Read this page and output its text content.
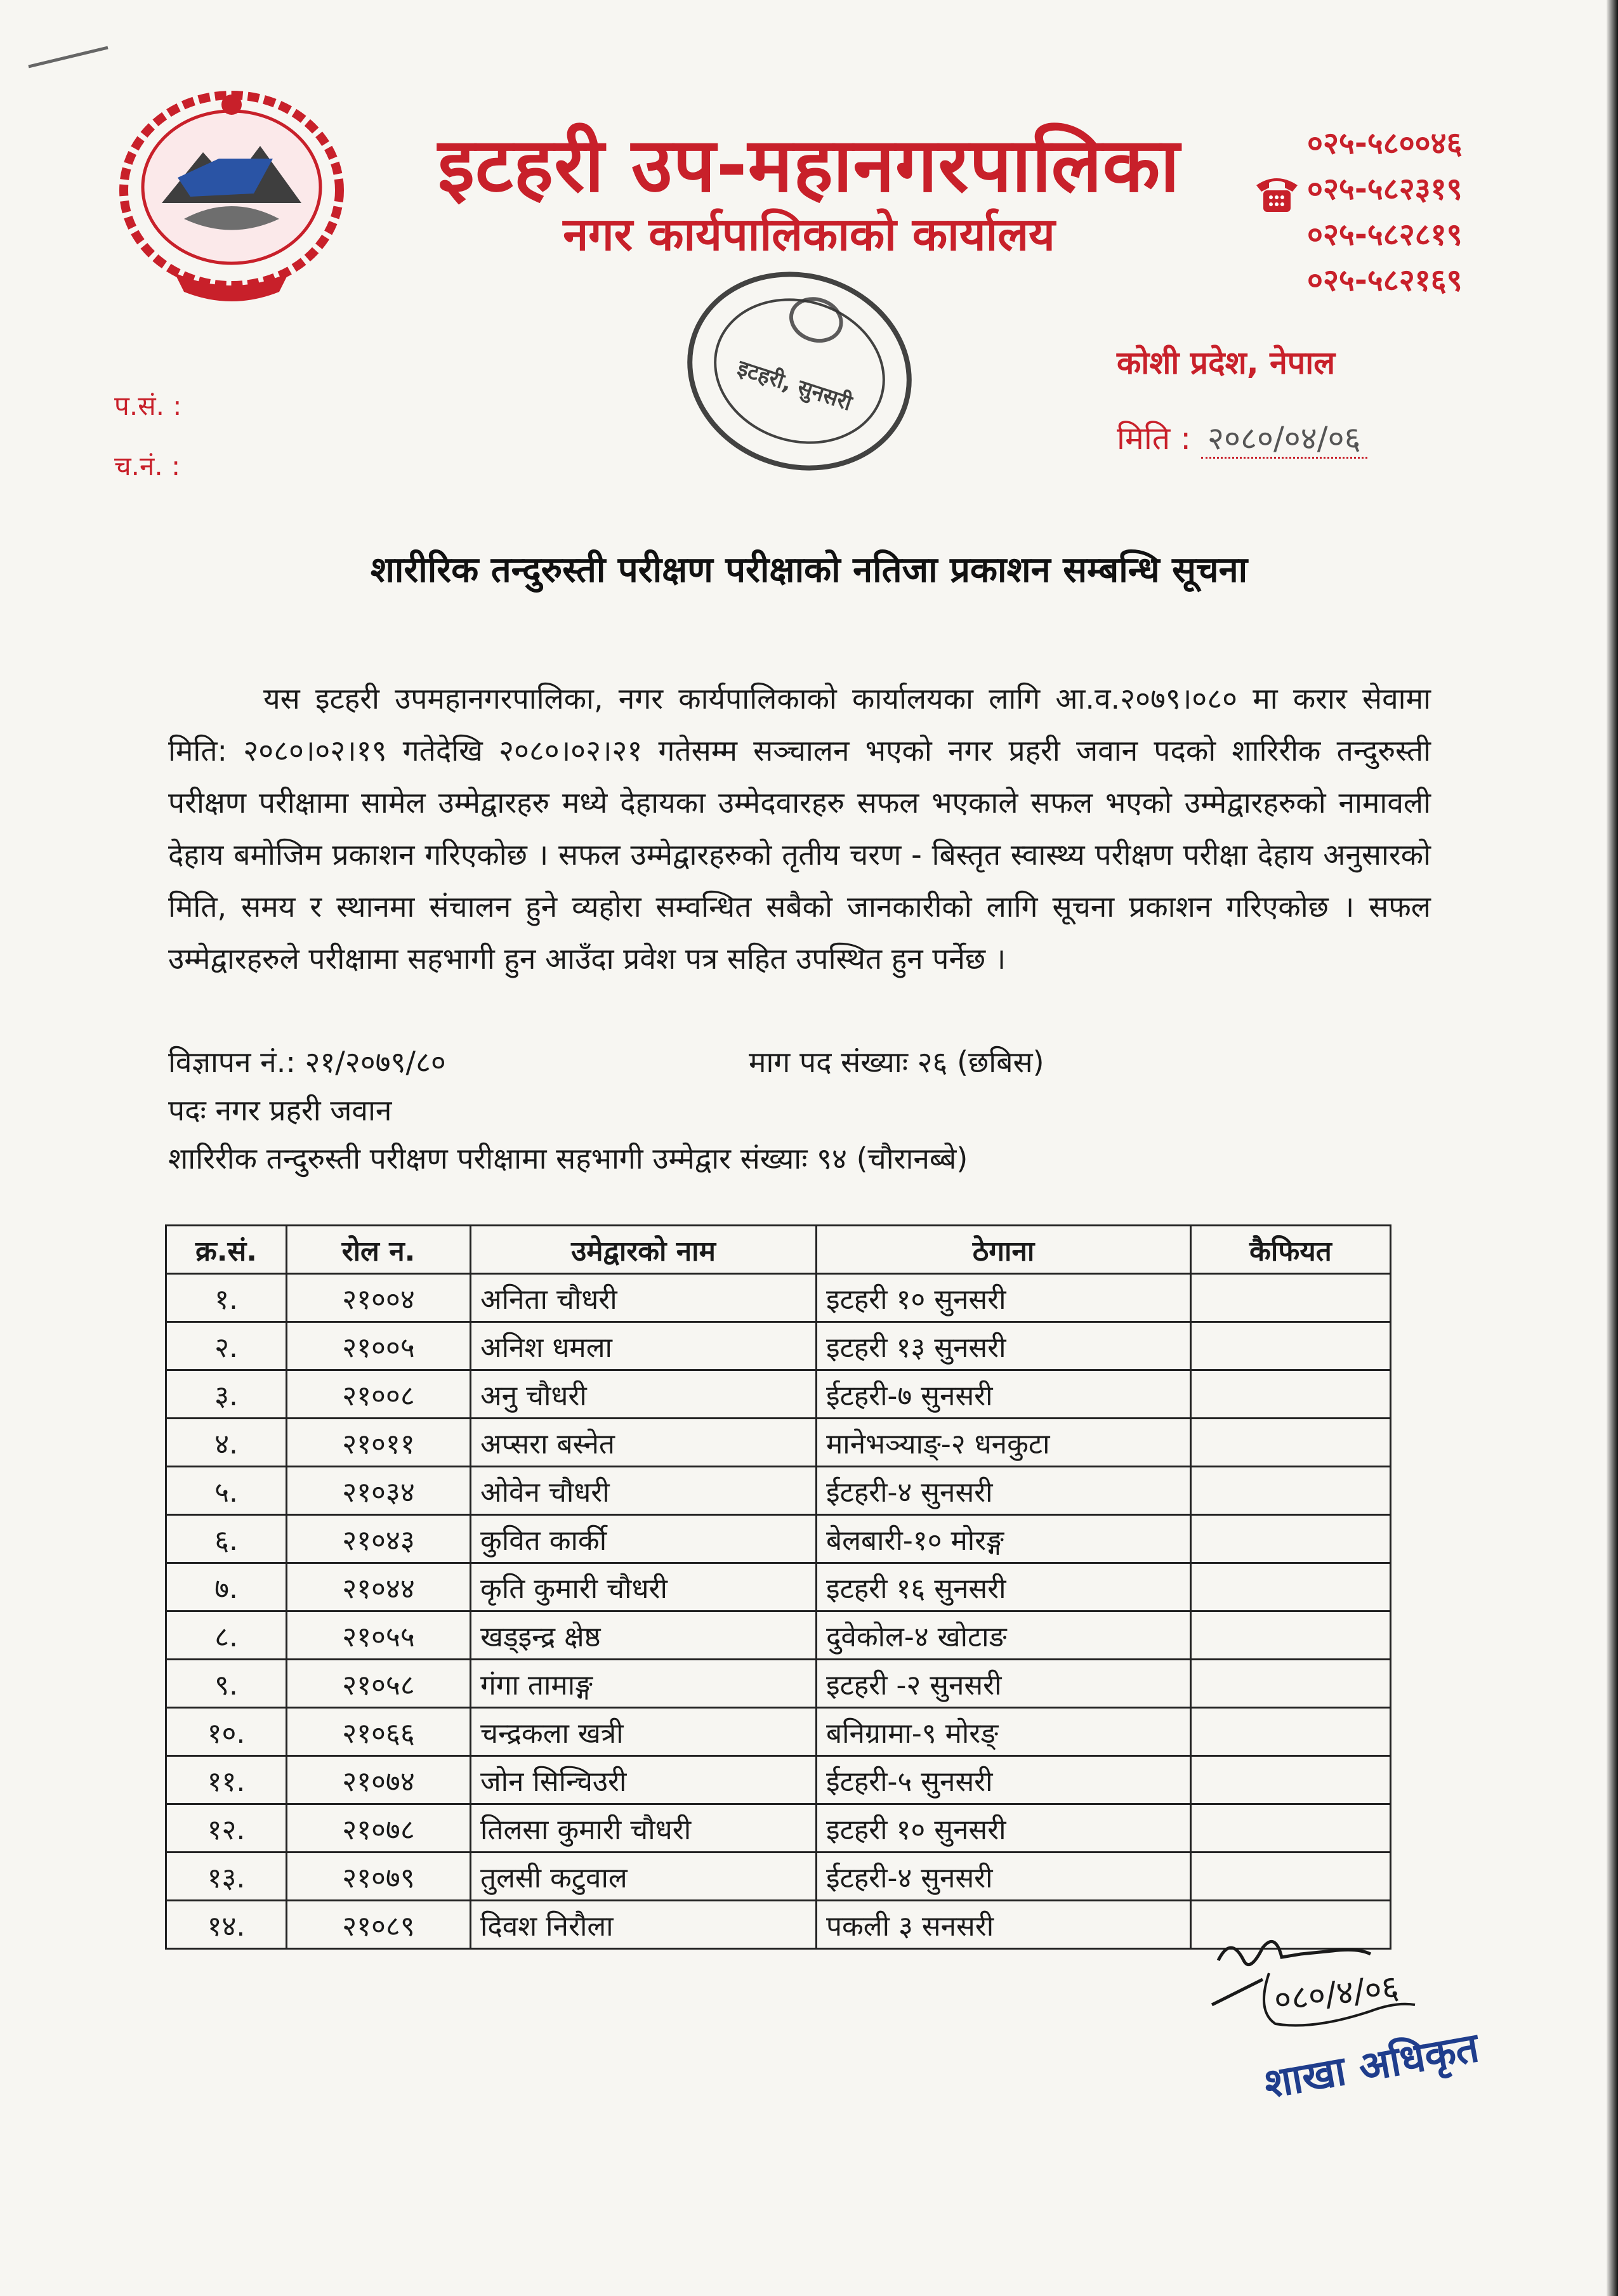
इटहरी उप-महानगरपालिका
नगर कार्यपालिकाको कार्यालय
०२५-५८००४६
०२५-५८२३१९
०२५-५८२८१९
०२५-५८२१६९
कोशी प्रदेश, नेपाल
मिति : २०८०/०४/०६
प.सं. :
च.नं. :
इटहरी, सुनसरी
शारीरिक तन्दुरुस्ती परीक्षण परीक्षाको नतिजा प्रकाशन सम्बन्धि सूचना

यस इटहरी उपमहानगरपालिका, नगर कार्यपालिकाको कार्यालयका लागि आ.व.२०७९।०८० मा करार सेवामा मिति: २०८०।०२।१९ गतेदेखि २०८०।०२।२१ गतेसम्म सञ्चालन भएको नगर प्रहरी जवान पदको शारिरीक तन्दुरुस्ती परीक्षण परीक्षामा सामेल उम्मेद्वारहरु मध्ये देहायका उम्मेदवारहरु सफल भएकाले सफल भएको उम्मेद्वारहरुको नामावली देहाय बमोजिम प्रकाशन गरिएकोछ । सफल उम्मेद्वारहरुको तृतीय चरण - बिस्तृत स्वास्थ्य परीक्षण परीक्षा देहाय अनुसारको मिति, समय र स्थानमा संचालन हुने व्यहोरा सम्वन्धित सबैको जानकारीको लागि सूचना प्रकाशन गरिएकोछ । सफल उम्मेद्वारहरुले परीक्षामा सहभागी हुन आउँदा प्रवेश पत्र सहित उपस्थित हुन पर्नेछ ।

विज्ञापन नं.: २१/२०७९/८०	माग पद संख्याः २६ (छबिस)
पदः नगर प्रहरी जवान
शारिरीक तन्दुरुस्ती परीक्षण परीक्षामा सहभागी उम्मेद्वार संख्याः ९४ (चौरानब्बे)
क्र.सं.	रोल न.	उमेद्वारको नाम	ठेगाना	कैफियत
१.	२१००४	अनिता चौधरी	इटहरी १० सुनसरी	
२.	२१००५	अनिश धमला	इटहरी १३ सुनसरी	
३.	२१००८	अनु चौधरी	ईटहरी-७ सुनसरी	
४.	२१०११	अप्सरा बस्नेत	मानेभञ्याङ्-२ धनकुटा	
५.	२१०३४	ओवेन चौधरी	ईटहरी-४ सुनसरी	
६.	२१०४३	कुवित कार्की	बेलबारी-१० मोरङ्ग	
७.	२१०४४	कृति कुमारी चौधरी	इटहरी १६ सुनसरी	
८.	२१०५५	खड्इन्द्र क्षेष्ठ	दुवेकोल-४ खोटाङ	
९.	२१०५८	गंगा तामाङ्ग	इटहरी -२ सुनसरी	
१०.	२१०६६	चन्द्रकला खत्री	बनिग्रामा-९ मोरङ्	
११.	२१०७४	जोन सिन्चिउरी	ईटहरी-५ सुनसरी	
१२.	२१०७८	तिलसा कुमारी चौधरी	इटहरी १० सुनसरी	
१३.	२१०७९	तुलसी कटुवाल	ईटहरी-४ सुनसरी	
१४.	२१०८९	दिवश निरौला	पकली ३ सनसरी	
०८०/४/०६
शाखा अधिकृत
